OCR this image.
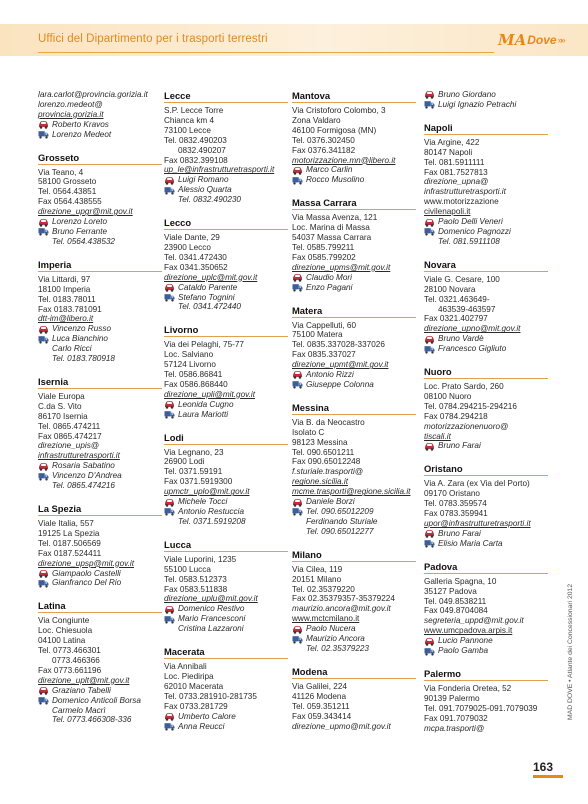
Uffici del Dipartimento per i trasporti terrestri	MA Dove »»
lara.carlot@provincia.gorizia.it
lorenzo.medeot@
provincia.gorizia.it
Roberto Kravos
Lorenzo Medeot
Grosseto
Via Teano, 4
58100 Grosseto
Tel. 0564.43851
Fax 0564.438555
direzione_upgr@mit.gov.it
Lorenzo Loreto
Bruno Ferrante
Tel. 0564.438532
Imperia
Via Littardi, 97
18100 Imperia
Tel. 0183.78011
Fax 0183.781091
dtt-im@libero.it
Vincenzo Russo
Luca Bianchino
Carlo Ricci
Tel. 0183.780918
Isernia
Viale Europa
C.da S. Vito
86170 Isernia
Tel. 0865.474211
Fax 0865.474217
direzione_upis@
infrastrutturetrasporti.it
Rosaria Sabatino
Vincenzo D'Andrea
Tel. 0865.474216
La Spezia
Viale Italia, 557
19125 La Spezia
Tel. 0187.506569
Fax 0187.524411
direzione_upsp@mit.gov.it
Giampaolo Castelli
Gianfranco Del Rio
Latina
Via Congiunte
Loc. Chiesuola
04100 Latina
Tel. 0773.466301
0773.466366
Fax 0773.661196
direzione_uplt@mit.gov.it
Graziano Tabelli
Domenico Anticoli Borsa
Carmelo Macrì
Tel. 0773.466308-336
Lecce
S.P. Lecce Torre
Chianca km 4
73100 Lecce
Tel. 0832.490203
0832.490207
Fax 0832.399108
up_le@infrastrutturetrasporti.it
Luigi Romano
Alessio Quarta
Tel. 0832.490230
Lecco
Viale Dante, 29
23900 Lecco
Tel. 0341.472430
Fax 0341.350652
direzione_uplc@mit.gov.it
Cataldo Parente
Stefano Tognini
Tel. 0341.472440
Livorno
Via dei Pelaghi, 75-77
Loc. Salviano
57124 Livorno
Tel. 0586.86841
Fax 0586.868440
direzione_upli@mit.gov.it
Leonida Cugno
Laura Mariotti
Lodi
Via Legnano, 23
26900 Lodi
Tel. 0371.59191
Fax 0371.5919300
upmctr_uplo@mit.gov.it
Michele Tocci
Antonio Restuccia
Tel. 0371.5919208
Lucca
Viale Luporini, 1235
55100 Lucca
Tel. 0583.512373
Fax 0583.511838
direzione_uplu@mit.gov.it
Domenico Restivo
Mario Francesconi
Cristina Lazzaroni
Macerata
Via Annibali
Loc. Piediripa
62010 Macerata
Tel. 0733.281910-281735
Fax 0733.281729
Umberto Calore
Anna Reucci
Mantova
Via Cristoforo Colombo, 3
Zona Valdaro
46100 Formigosa (MN)
Tel. 0376.302450
Fax 0376.341182
motorizzazione.mn@libero.it
Marco Carlin
Rocco Musolino
Massa Carrara
Via Massa Avenza, 121
Loc. Marina di Massa
54037 Massa Carrara
Tel. 0585.799211
Fax 0585.799202
direzione_upms@mit.gov.it
Claudio Mori
Enzo Pagani
Matera
Via Cappelluti, 60
75100 Matera
Tel. 0835.337028-337026
Fax 0835.337027
direzione_upmt@mit.gov.it
Antonio Rizzi
Giuseppe Colonna
Messina
Via B. da Neocastro
Isolato C
98123 Messina
Tel. 090.6501211
Fax 090.65012248
f.sturiale.trasporti@
regione.sicilia.it
mcme.trasporti@regione.sicilia.it
Daniele Borzi
Tel. 090.65012209
Ferdinando Sturiale
Tel. 090.65012277
Milano
Via Cilea, 119
20151 Milano
Tel. 02.35379220
Fax 02.35379357-35379224
maurizio.ancora@mit.gov.it
www.mctcmilano.it
Paolo Nucera
Maurizio Ancora
Tel. 02.35379223
Modena
Via Galilei, 224
41126 Modena
Tel. 059.351211
Fax 059.343414
direzione_upmo@mit.gov.it
Bruno Giordano
Luigi Ignazio Petrachi
Napoli
Via Argine, 422
80147 Napoli
Tel. 081.5911111
Fax 081.7527813
direzione_upna@
infrastrutturetrasporti.it
www.motorizzazione
civilenapoli.it
Paolo Delli Veneri
Domenico Pagnozzi
Tel. 081.5911108
Novara
Viale G. Cesare, 100
28100 Novara
Tel. 0321.463649-
463539-463597
Fax 0321.402797
direzione_upno@mit.gov.it
Bruno Vardè
Francesco Gigliuto
Nuoro
Loc. Prato Sardo, 260
08100 Nuoro
Tel. 0784.294215-294216
Fax 0784.294218
motorizzazionenuoro@
tiscali.it
Bruno Farai
Oristano
Via A. Zara (ex Via del Porto)
09170 Oristano
Tel. 0783.359574
Fax 0783.359941
upor@infrastrutturetrasporti.it
Bruno Farai
Elisio Maria Carta
Padova
Galleria Spagna, 10
35127 Padova
Tel. 049.8538211
Fax 049.8704084
segreteria_uppd@mit.gov.it
www.umcpadova.arpis.it
Lucio Pannone
Paolo Gamba
Palermo
Via Fonderia Oretea, 52
90139 Palermo
Tel. 091.7079025-091.7079039
Fax 091.7079032
mcpa.trasporti@
MAD DOVE • Atlante dei Concessionari 2012
163
